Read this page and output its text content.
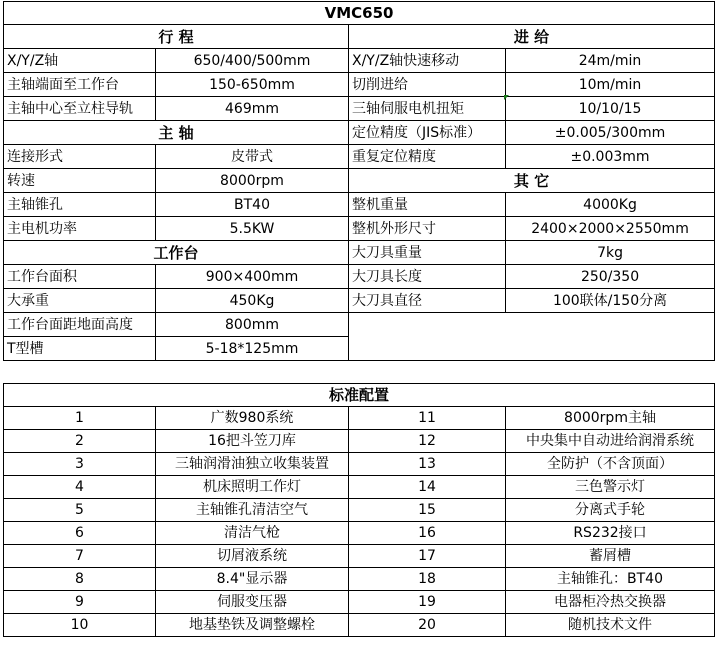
VMC650			
行 程		进 给	
X/Y/Z轴	650/400/500mm	X/Y/Z轴快速移动	24m/min
主轴端面至工作台	150-650mm	切削进给	10m/min
主轴中心至立柱导轨	469mm	三轴伺服电机扭矩	10/10/15
主 轴		定位精度（JIS标准）	±0.005/300mm
连接形式	皮带式	重复定位精度	±0.003mm
转速	8000rpm	其 它	
主轴锥孔	BT40	整机重量	4000Kg
主电机功率	5.5KW	整机外形尺寸	2400×2000×2550mm
工作台		大刀具重量	7kg
工作台面积	900×400mm	大刀具长度	250/350
大承重	450Kg	大刀具直径	100联体/150分离
工作台面距地面高度	800mm		
T型槽	5-18*125mm		
标准配置			
1	广数980系统	11	8000rpm主轴
2	16把斗笠刀库	12	中央集中自动进给润滑系统
3	三轴润滑油独立收集装置	13	全防护（不含顶面）
4	机床照明工作灯	14	三色警示灯
5	主轴锥孔清洁空气	15	分离式手轮
6	清洁气枪	16	RS232接口
7	切屑液系统	17	蓄屑槽
8	8.4"显示器	18	主轴锥孔：BT40
9	伺服变压器	19	电器柜冷热交换器
10	地基垫铁及调整螺栓	20	随机技术文件
